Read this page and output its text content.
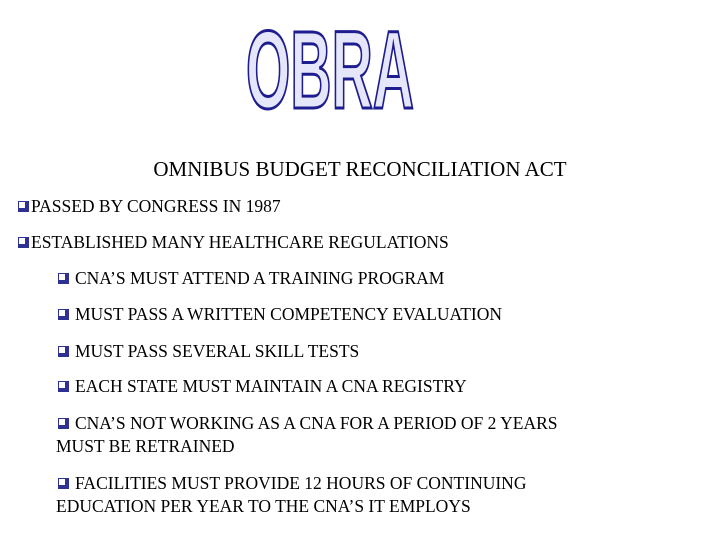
OBRA
OMNIBUS BUDGET RECONCILIATION ACT
PASSED BY CONGRESS IN 1987
ESTABLISHED MANY HEALTHCARE REGULATIONS
CNA’S MUST ATTEND A TRAINING PROGRAM
MUST PASS A WRITTEN COMPETENCY EVALUATION
MUST PASS SEVERAL SKILL TESTS
EACH STATE MUST MAINTAIN A CNA REGISTRY
CNA’S NOT WORKING AS A CNA FOR A PERIOD OF 2 YEARS
MUST BE RETRAINED
FACILITIES MUST PROVIDE 12 HOURS OF CONTINUING
EDUCATION PER YEAR TO THE CNA’S IT EMPLOYS
